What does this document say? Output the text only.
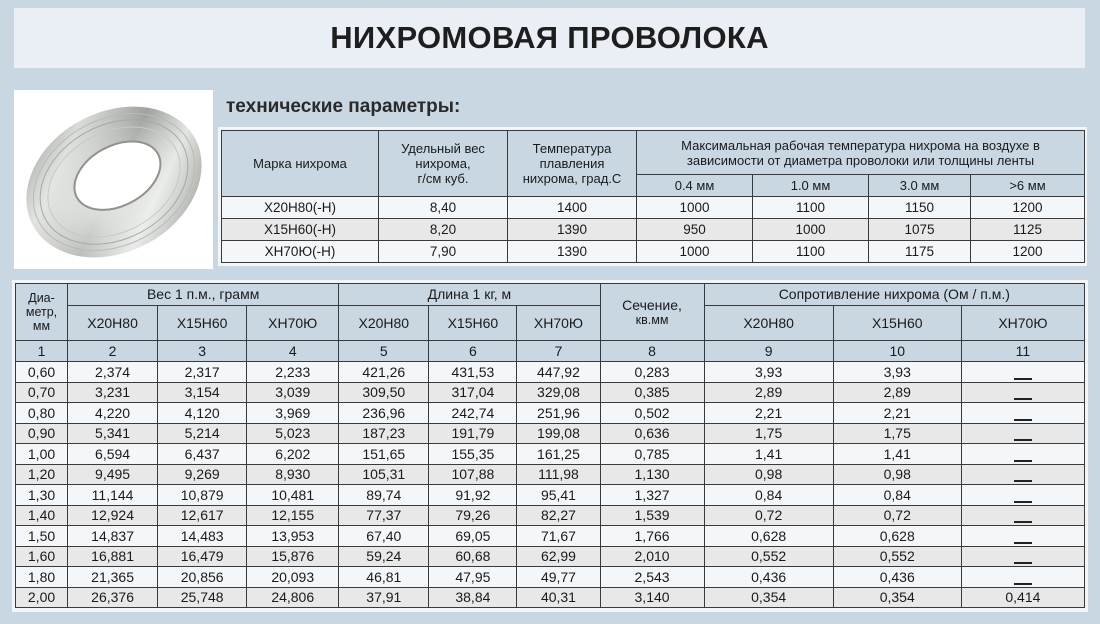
НИХРОМОВАЯ ПРОВОЛОКА
технические параметры:
Марка нихрома	
Удельный вес
нихрома,
г/см куб.

Температура
плавления
нихрома, град.С

Максимальная рабочая температура нихрома на воздухе в
зависимости от диаметра проволоки или толщины ленты

			0.4 мм	1.0 мм	3.0 мм	>6 мм
Х20Н80(-Н)	8,40	1400	1000	1100	1150	1200
Х15Н60(-Н)	8,20	1390	950	1000	1075	1125
ХН70Ю(-Н)	7,90	1390	1000	1100	1175	1200
Диа-
метр,
мм
	Вес 1 п.м., грамм	Длина 1 кг, м	
Сечение,
кв.мм
	Сопротивление нихрома (Ом / п.м.)
	Х20Н80	Х15Н60	ХН70Ю	Х20Н80	Х15Н60	ХН70Ю		Х20Н80	Х15Н60	ХН70Ю
1	2	3	4	5	6	7	8	9	10	11
0,60	2,374	2,317	2,233	421,26	431,53	447,92	0,283	3,93	3,93	
0,70	3,231	3,154	3,039	309,50	317,04	329,08	0,385	2,89	2,89	
0,80	4,220	4,120	3,969	236,96	242,74	251,96	0,502	2,21	2,21	
0,90	5,341	5,214	5,023	187,23	191,79	199,08	0,636	1,75	1,75	
1,00	6,594	6,437	6,202	151,65	155,35	161,25	0,785	1,41	1,41	
1,20	9,495	9,269	8,930	105,31	107,88	111,98	1,130	0,98	0,98	
1,30	11,144	10,879	10,481	89,74	91,92	95,41	1,327	0,84	0,84	
1,40	12,924	12,617	12,155	77,37	79,26	82,27	1,539	0,72	0,72	
1,50	14,837	14,483	13,953	67,40	69,05	71,67	1,766	0,628	0,628	
1,60	16,881	16,479	15,876	59,24	60,68	62,99	2,010	0,552	0,552	
1,80	21,365	20,856	20,093	46,81	47,95	49,77	2,543	0,436	0,436	
2,00	26,376	25,748	24,806	37,91	38,84	40,31	3,140	0,354	0,354	0,414
